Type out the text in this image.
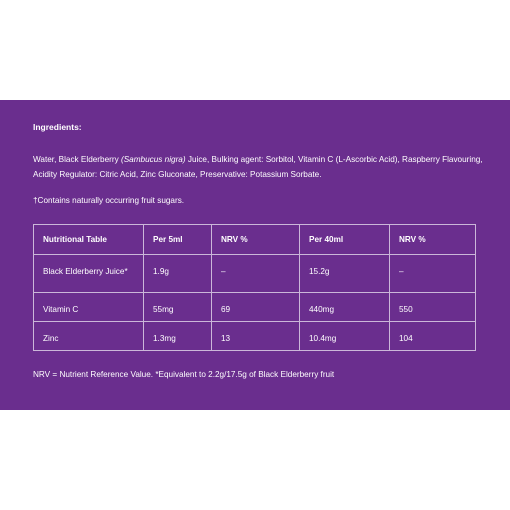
Ingredients:

Water, Black Elderberry (Sambucus nigra) Juice, Bulking agent: Sorbitol, Vitamin C (L-Ascorbic Acid), Raspberry Flavouring, Acidity Regulator: Citric Acid, Zinc Gluconate, Preservative: Potassium Sorbate.

†Contains naturally occurring fruit sugars.

Nutritional Table	Per 5ml	NRV %	Per 40ml	NRV %
Black Elderberry Juice*	1.9g	–	15.2g	–
Vitamin C	55mg	69	440mg	550
Zinc	1.3mg	13	10.4mg	104

NRV = Nutrient Reference Value. *Equivalent to 2.2g/17.5g of Black Elderberry fruit
